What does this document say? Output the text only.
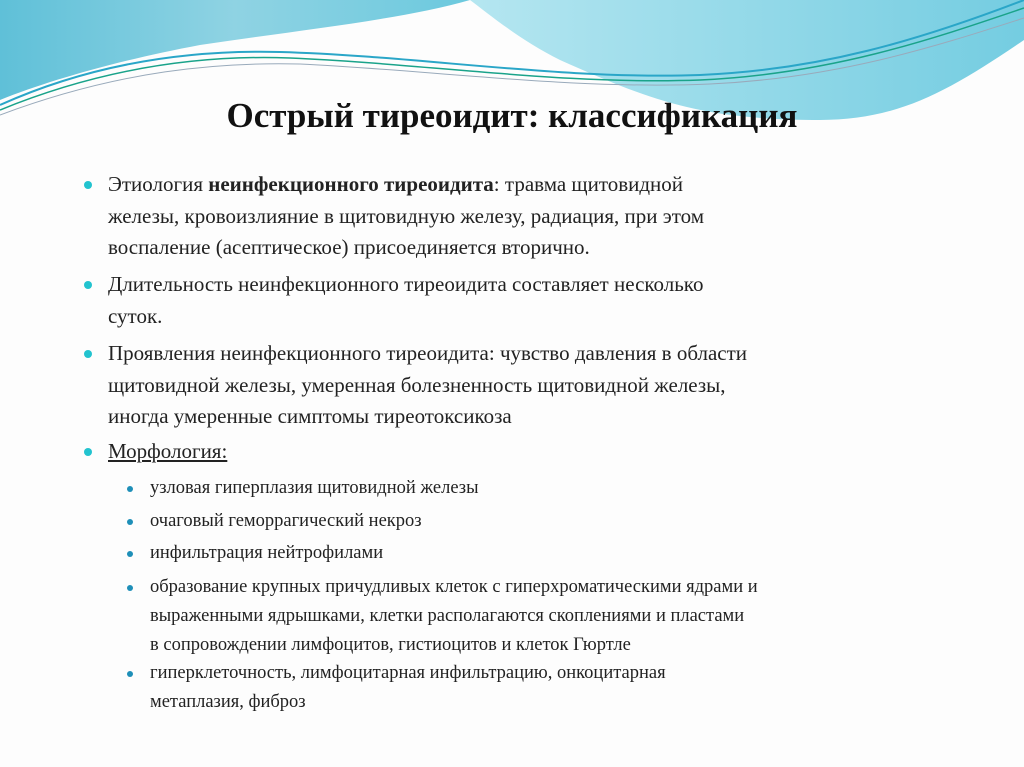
Острый тиреоидит: классификация
Этиология неинфекционного тиреоидита: травма щитовидной
железы, кровоизлияние в щитовидную железу, радиация, при этом
воспаление (асептическое) присоединяется вторично.
Длительность неинфекционного тиреоидита составляет несколько
суток.
Проявления неинфекционного тиреоидита: чувство давления в области
щитовидной железы, умеренная болезненность щитовидной железы,
иногда умеренные симптомы тиреотоксикоза
Морфология:
узловая гиперплазия щитовидной железы
очаговый геморрагический некроз
инфильтрация нейтрофилами
образование крупных причудливых клеток с гиперхроматическими ядрами и
выраженными ядрышками, клетки располагаются скоплениями и пластами
в сопровождении лимфоцитов, гистиоцитов и клеток Гюртле
гиперклеточность, лимфоцитарная инфильтрацию, онкоцитарная
метаплазия, фиброз
